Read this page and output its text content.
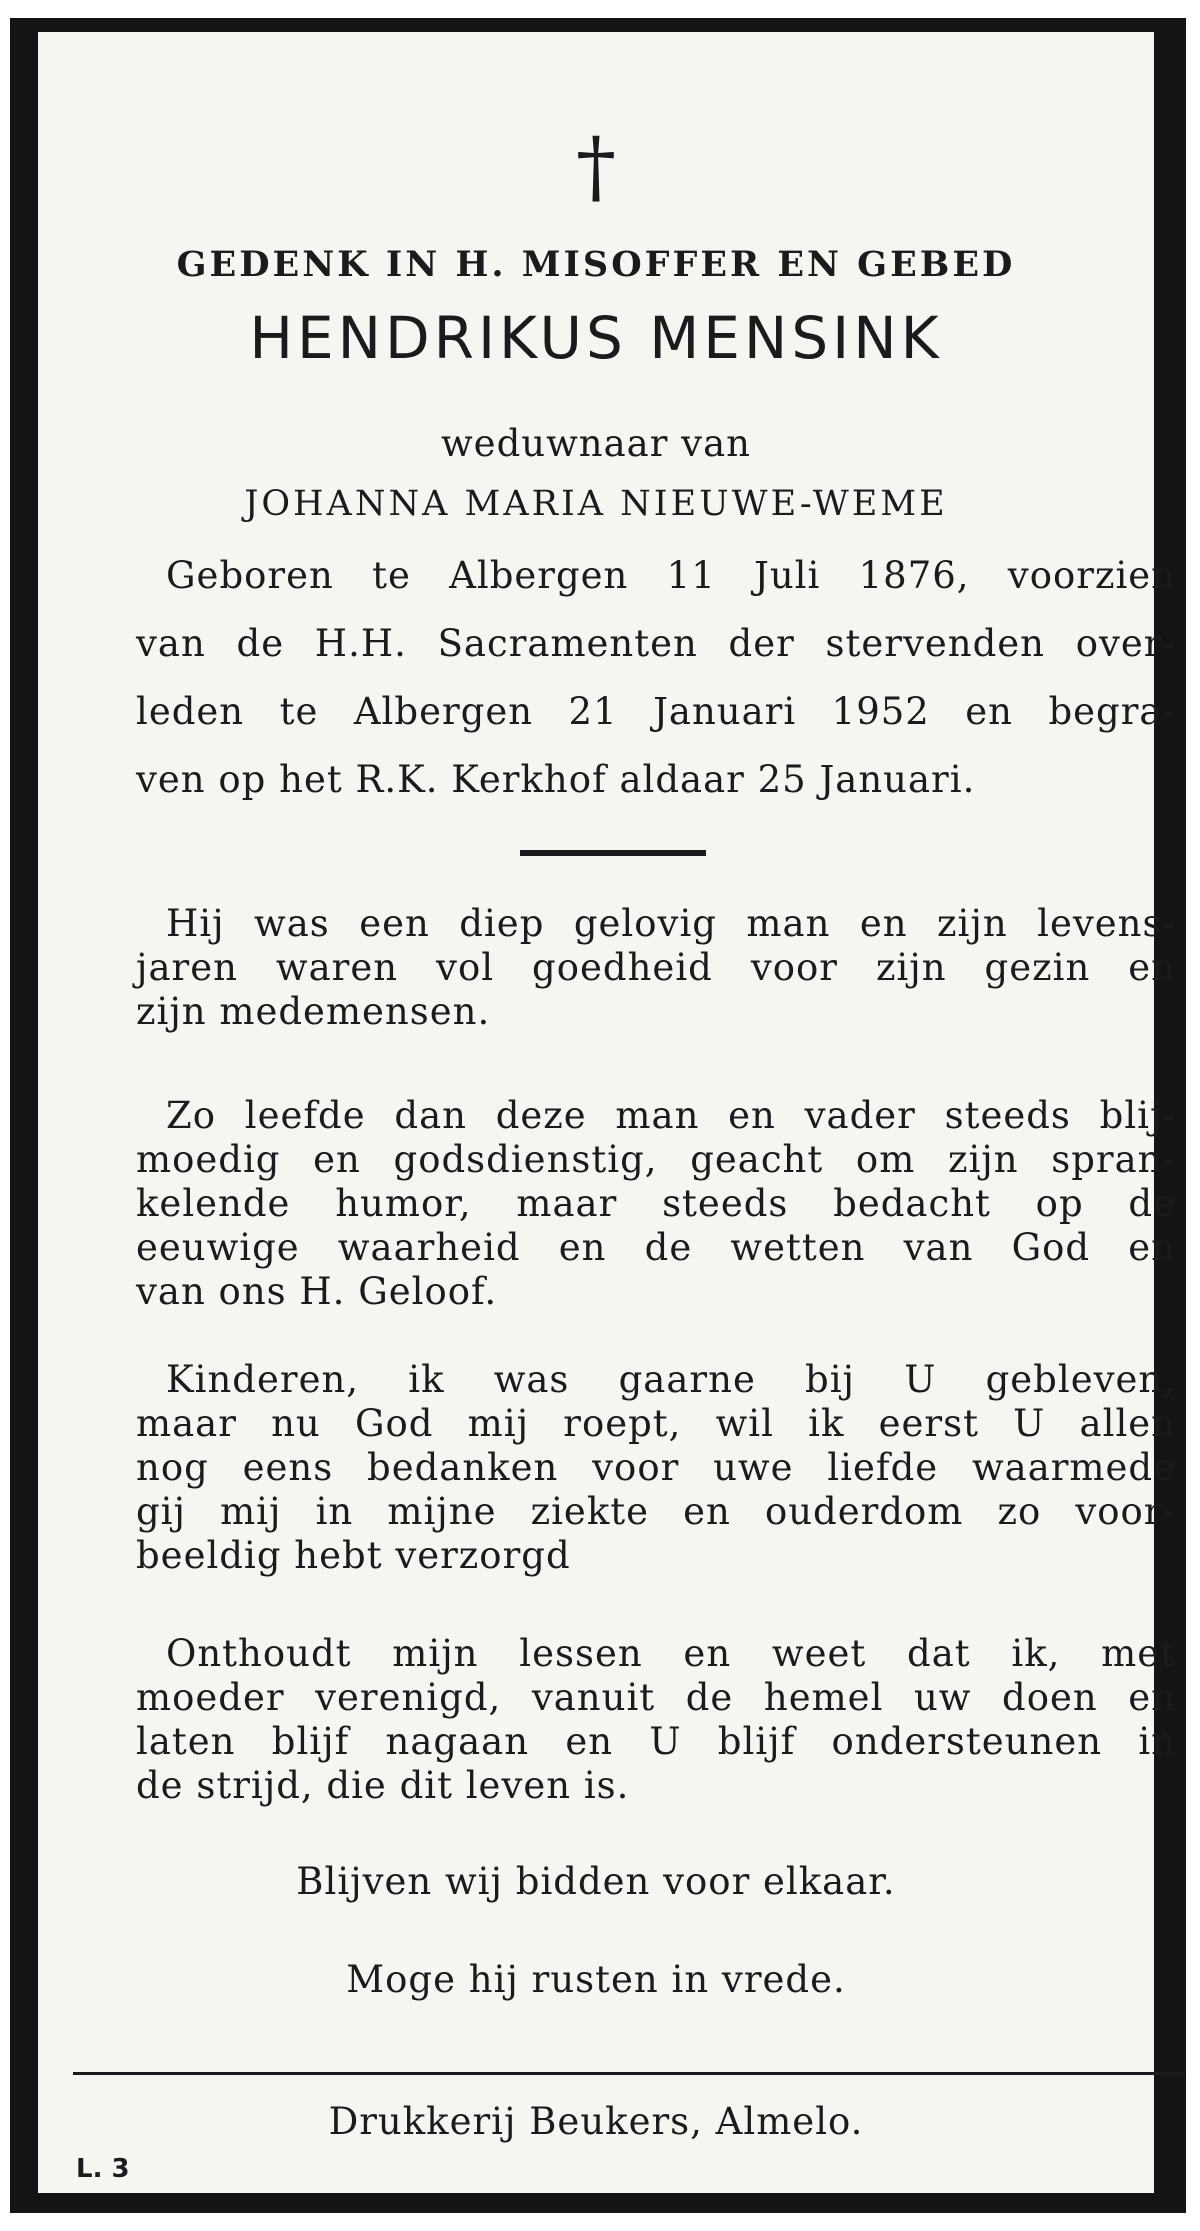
†
GEDENK IN H. MISOFFER EN GEBED
HENDRIKUS MENSINK
weduwnaar van
JOHANNA MARIA NIEUWE-WEME
Geboren te Albergen 11 Juli 1876, voorzien
van de H.H. Sacramenten der stervenden over-
leden te Albergen 21 Januari 1952 en begra-
ven op het R.K. Kerkhof aldaar 25 Januari.
Hij was een diep gelovig man en zijn levens-
jaren waren vol goedheid voor zijn gezin en
zijn medemensen.
Zo leefde dan deze man en vader steeds blij-
moedig en godsdienstig, geacht om zijn spran-
kelende humor, maar steeds bedacht op de
eeuwige waarheid en de wetten van God en
van ons H. Geloof.
Kinderen, ik was gaarne bij U gebleven,
maar nu God mij roept, wil ik eerst U allen
nog eens bedanken voor uwe liefde waarmede
gij mij in mijne ziekte en ouderdom zo voor-
beeldig hebt verzorgd
Onthoudt mijn lessen en weet dat ik, met
moeder verenigd, vanuit de hemel uw doen en
laten blijf nagaan en U blijf ondersteunen in
de strijd, die dit leven is.
Blijven wij bidden voor elkaar.
Moge hij rusten in vrede.
Drukkerij Beukers, Almelo.
L. 3
